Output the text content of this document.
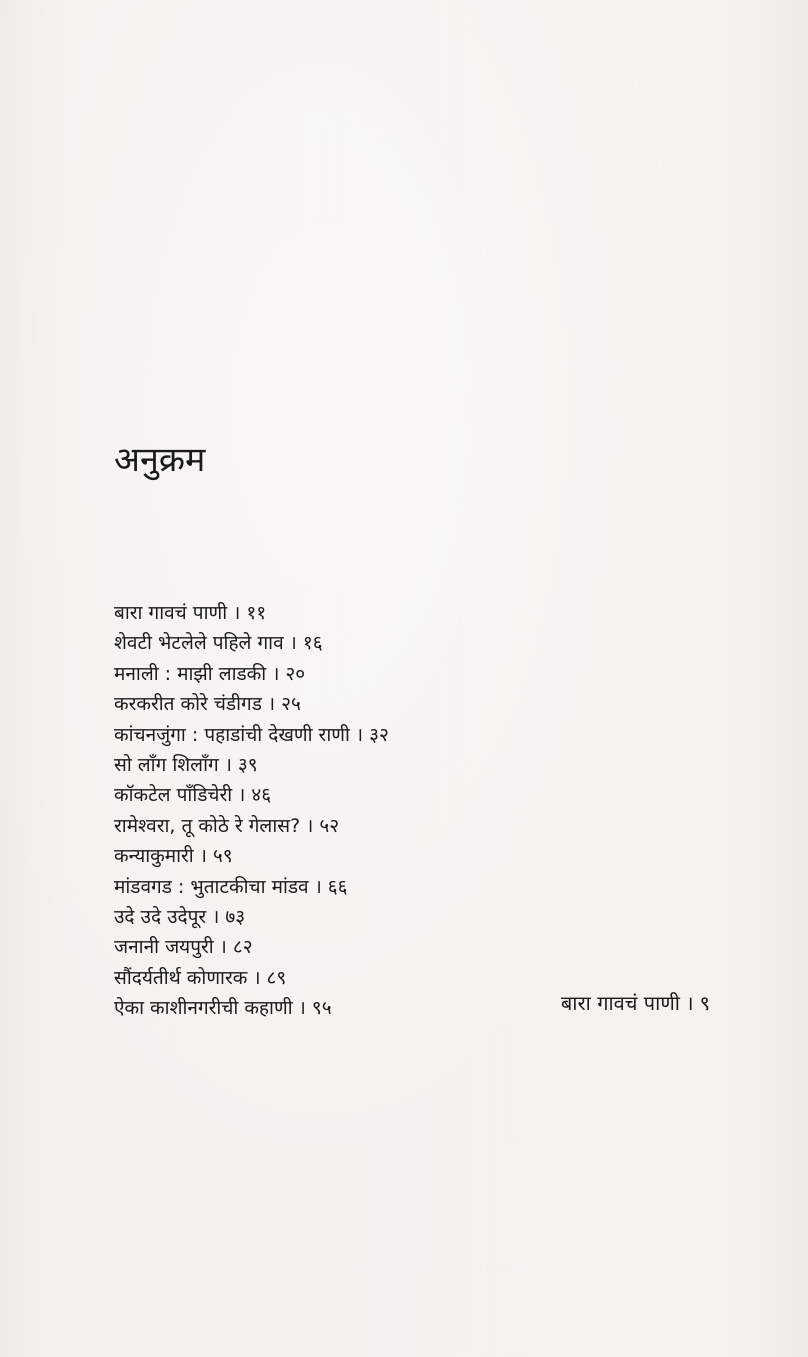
अनुक्रम
बारा गावचं पाणी । ११
शेवटी भेटलेले पहिले गाव । १६
मनाली : माझी लाडकी । २०
करकरीत कोरे चंडीगड । २५
कांचनजुंगा : पहाडांची देखणी राणी । ३२
सो लाँग शिलाँग । ३९
कॉकटेल पाँडिचेरी । ४६
रामेश्वरा, तू कोठे रे गेलास? । ५२
कन्याकुमारी । ५९
मांडवगड : भुताटकीचा मांडव । ६६
उदे उदे उदेपूर । ७३
जनानी जयपुरी । ८२
सौंदर्यतीर्थ कोणारक । ८९
ऐका काशीनगरीची कहाणी । ९५	बारा गावचं पाणी । ९
